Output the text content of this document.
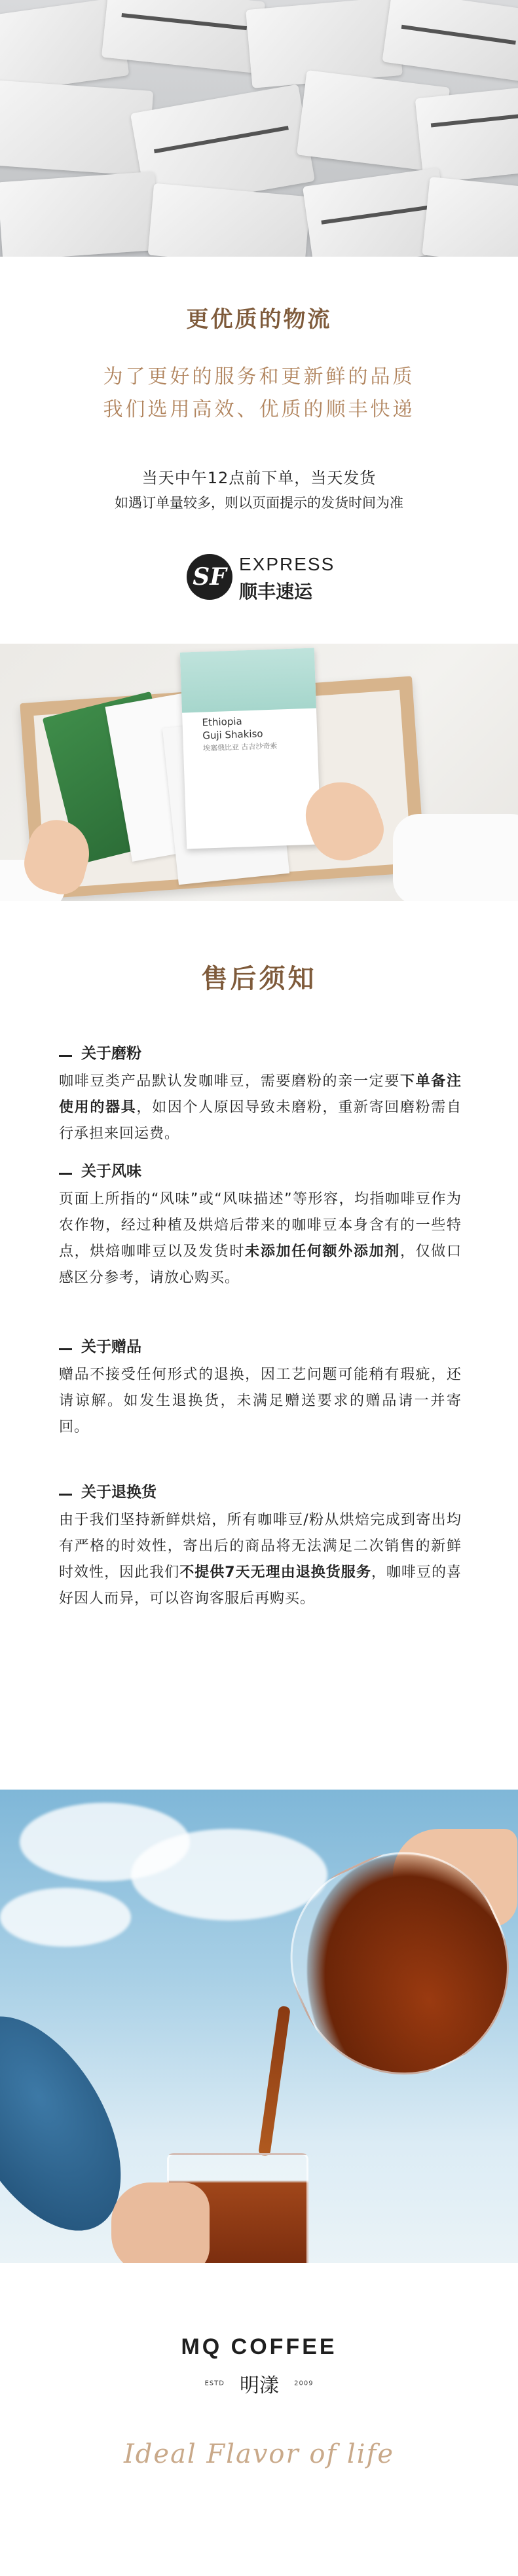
更优质的物流
为了更好的服务和更新鲜的品质
我们选用高效、优质的顺丰快递
当天中午12点前下单，当天发货
如遇订单量较多，则以页面提示的发货时间为准
SF EXPRESS
顺丰速运
Ethiopia
Guji Shakiso
埃塞俄比亚 古吉沙奇索
售后须知
关于磨粉
咖啡豆类产品默认发咖啡豆，需要磨粉的亲一定要下单备注使用的器具，如因个人原因导致未磨粉，重新寄回磨粉需自行承担来回运费。
关于风味
页面上所指的“风味”或“风味描述”等形容，均指咖啡豆作为农作物，经过种植及烘焙后带来的咖啡豆本身含有的一些特点，烘焙咖啡豆以及发货时未添加任何额外添加剂，仅做口感区分参考，请放心购买。
关于赠品
赠品不接受任何形式的退换，因工艺问题可能稍有瑕疵，还请谅解。如发生退换货，未满足赠送要求的赠品请一并寄回。
关于退换货
由于我们坚持新鲜烘焙，所有咖啡豆/粉从烘焙完成到寄出均有严格的时效性，寄出后的商品将无法满足二次销售的新鲜时效性，因此我们不提供7天无理由退换货服务，咖啡豆的喜好因人而异，可以咨询客服后再购买。
MQ COFFEE
ESTD 明漾 2009
Ideal Flavor of life
